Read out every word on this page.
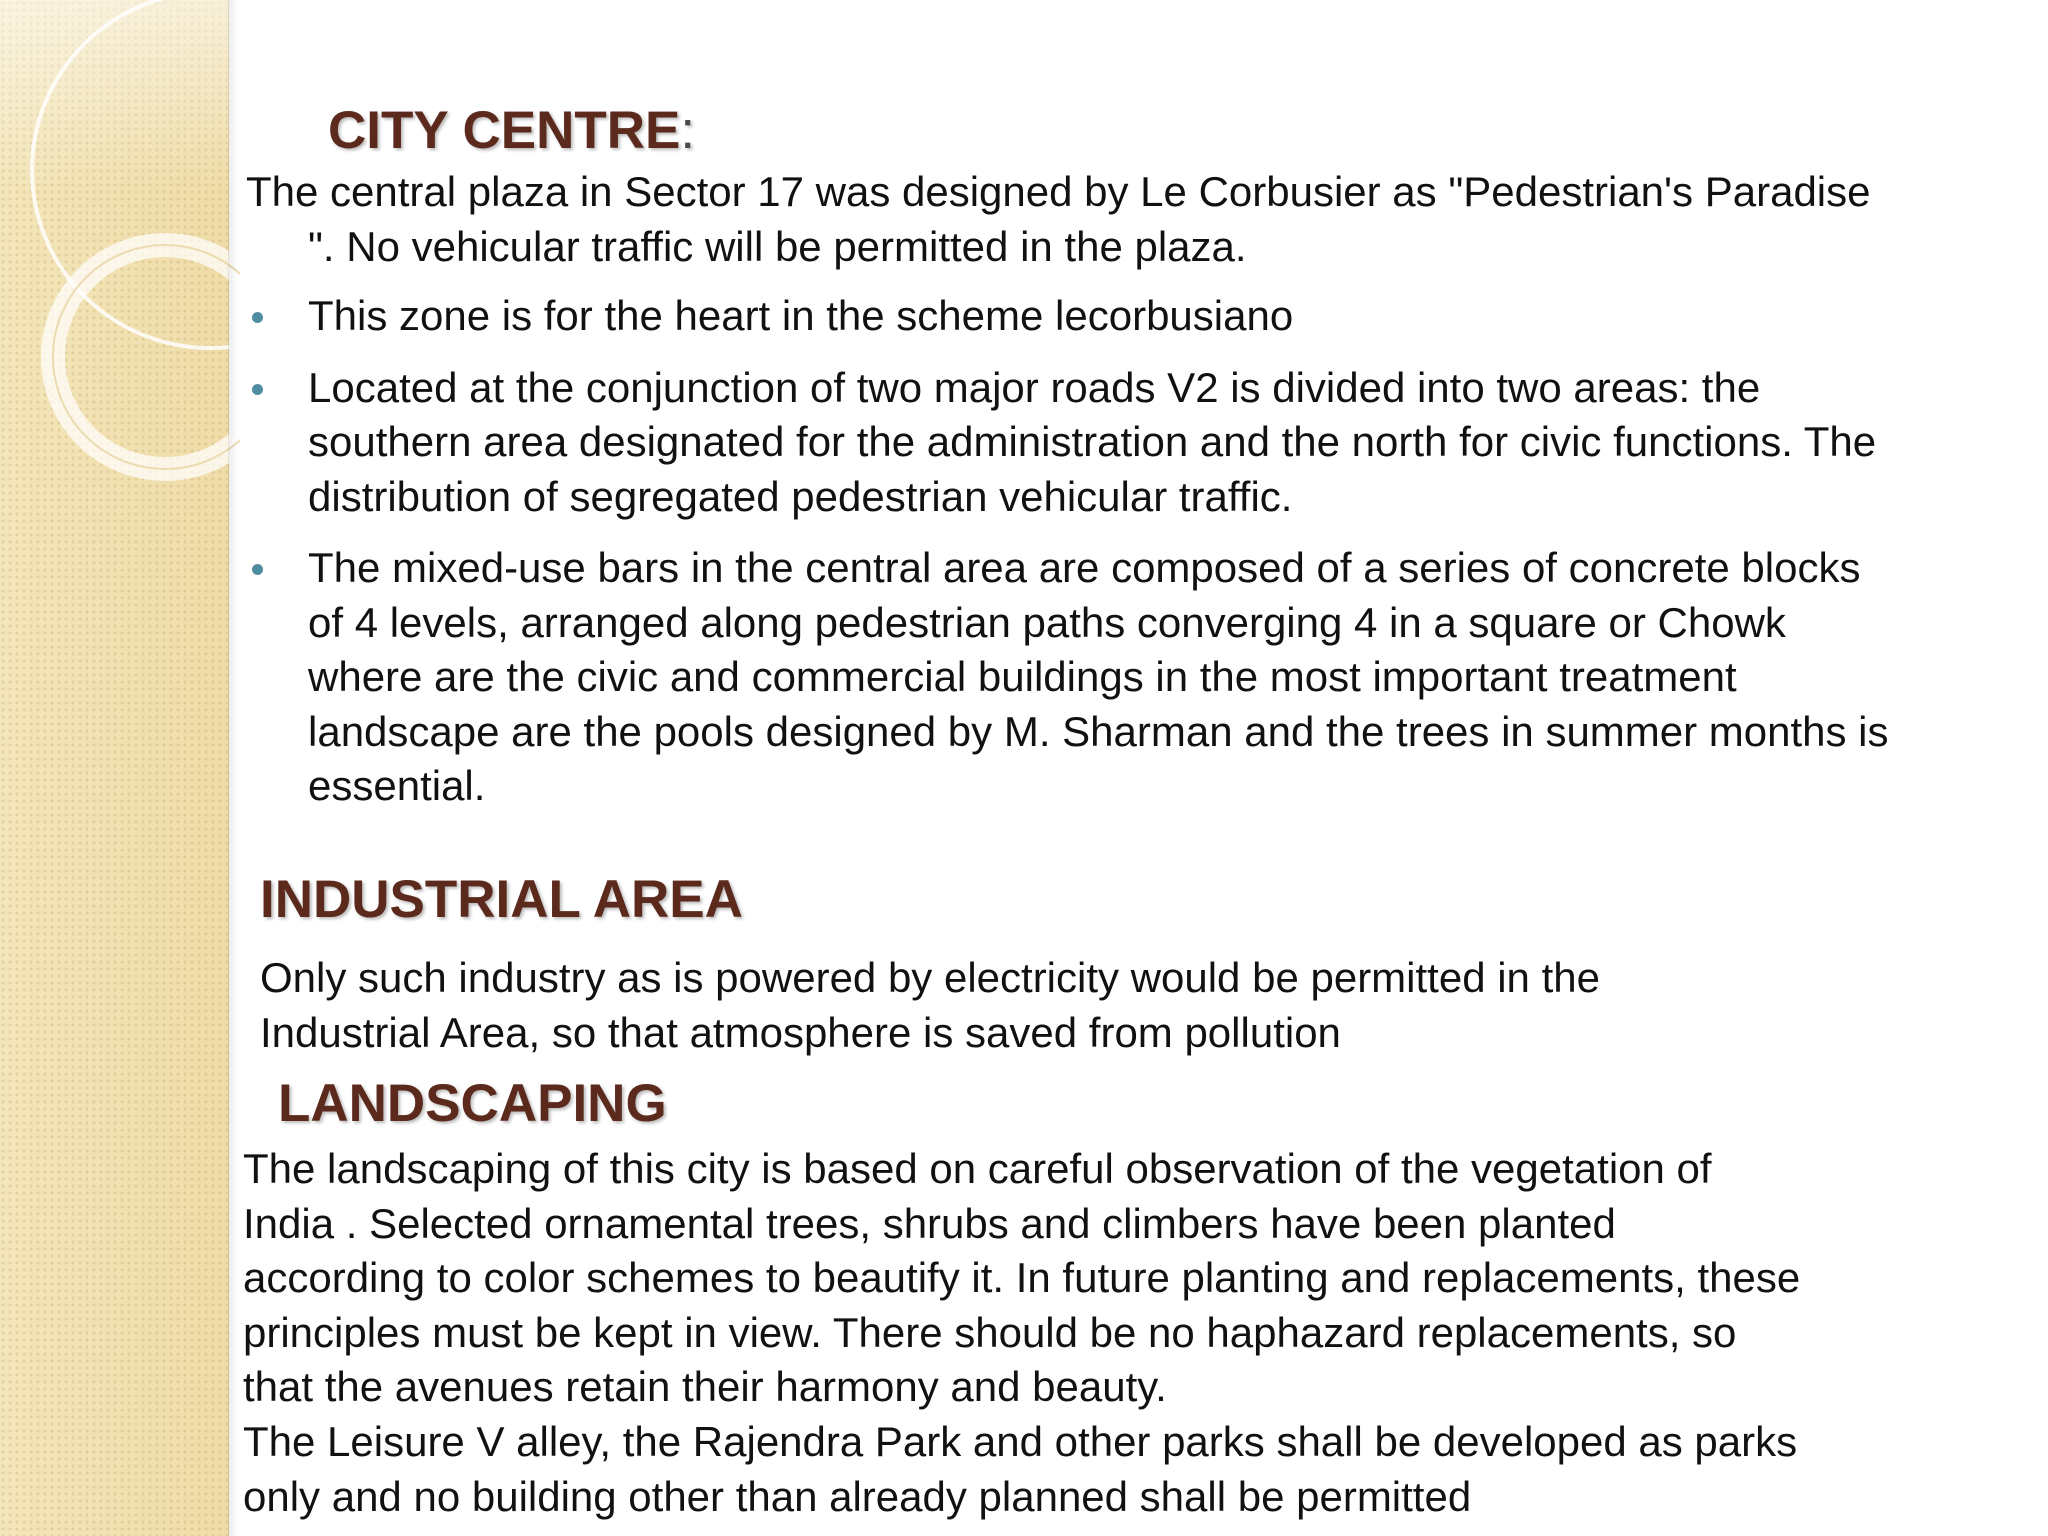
CITY CENTRE:
The central plaza in Sector 17 was designed by Le Corbusier as "Pedestrian's Paradise ". No vehicular traffic will be permitted in the plaza.
This zone is for the heart in the scheme lecorbusiano
Located at the conjunction of two major roads V2 is divided into two areas: the southern area designated for the administration and the north for civic functions. The distribution of segregated pedestrian vehicular traffic.
The mixed-use bars in the central area are composed of a series of concrete blocks of 4 levels, arranged along pedestrian paths converging 4 in a square or Chowk where are the civic and commercial buildings in the most important treatment landscape are the pools designed by M. Sharman and the trees in summer months is essential.
INDUSTRIAL AREA
Only such industry as is powered by electricity would be permitted in the Industrial Area, so that atmosphere is saved from pollution
LANDSCAPING
The landscaping of this city is based on careful observation of the vegetation of India . Selected ornamental trees, shrubs and climbers have been planted according to color schemes to beautify it. In future planting and replacements, these principles must be kept in view. There should be no haphazard replacements, so that the avenues retain their harmony and beauty.
The Leisure V alley, the Rajendra Park and other parks shall be developed as parks only and no building other than already planned shall be permitted
